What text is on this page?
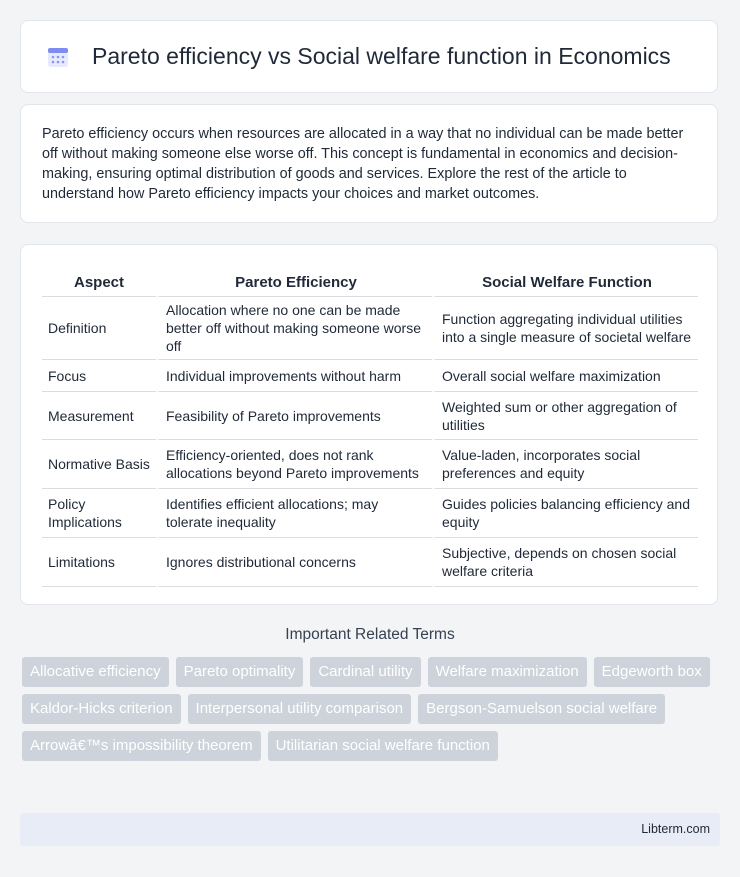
Pareto efficiency vs Social welfare function in Economics

Pareto efficiency occurs when resources are allocated in a way that no individual can be made better off without making someone else worse off. This concept is fundamental in economics and decision-making, ensuring optimal distribution of goods and services. Explore the rest of the article to understand how Pareto efficiency impacts your choices and market outcomes.

Aspect	Pareto Efficiency	Social Welfare Function
Definition	Allocation where no one can be made better off without making someone worse off	Function aggregating individual utilities into a single measure of societal welfare
Focus	Individual improvements without harm	Overall social welfare maximization
Measurement	Feasibility of Pareto improvements	Weighted sum or other aggregation of utilities
Normative Basis	Efficiency-oriented, does not rank allocations beyond Pareto improvements	Value-laden, incorporates social preferences and equity
Policy Implications	Identifies efficient allocations; may tolerate inequality	Guides policies balancing efficiency and equity
Limitations	Ignores distributional concerns	Subjective, depends on chosen social welfare criteria
Important Related Terms
Allocative efficiency	Pareto optimality	Cardinal utility	Welfare maximization	Edgeworth box
Kaldor-Hicks criterion	Interpersonal utility comparison	Bergson-Samuelson social welfare
Arrowâ€™s impossibility theorem	Utilitarian social welfare function
Libterm.com
